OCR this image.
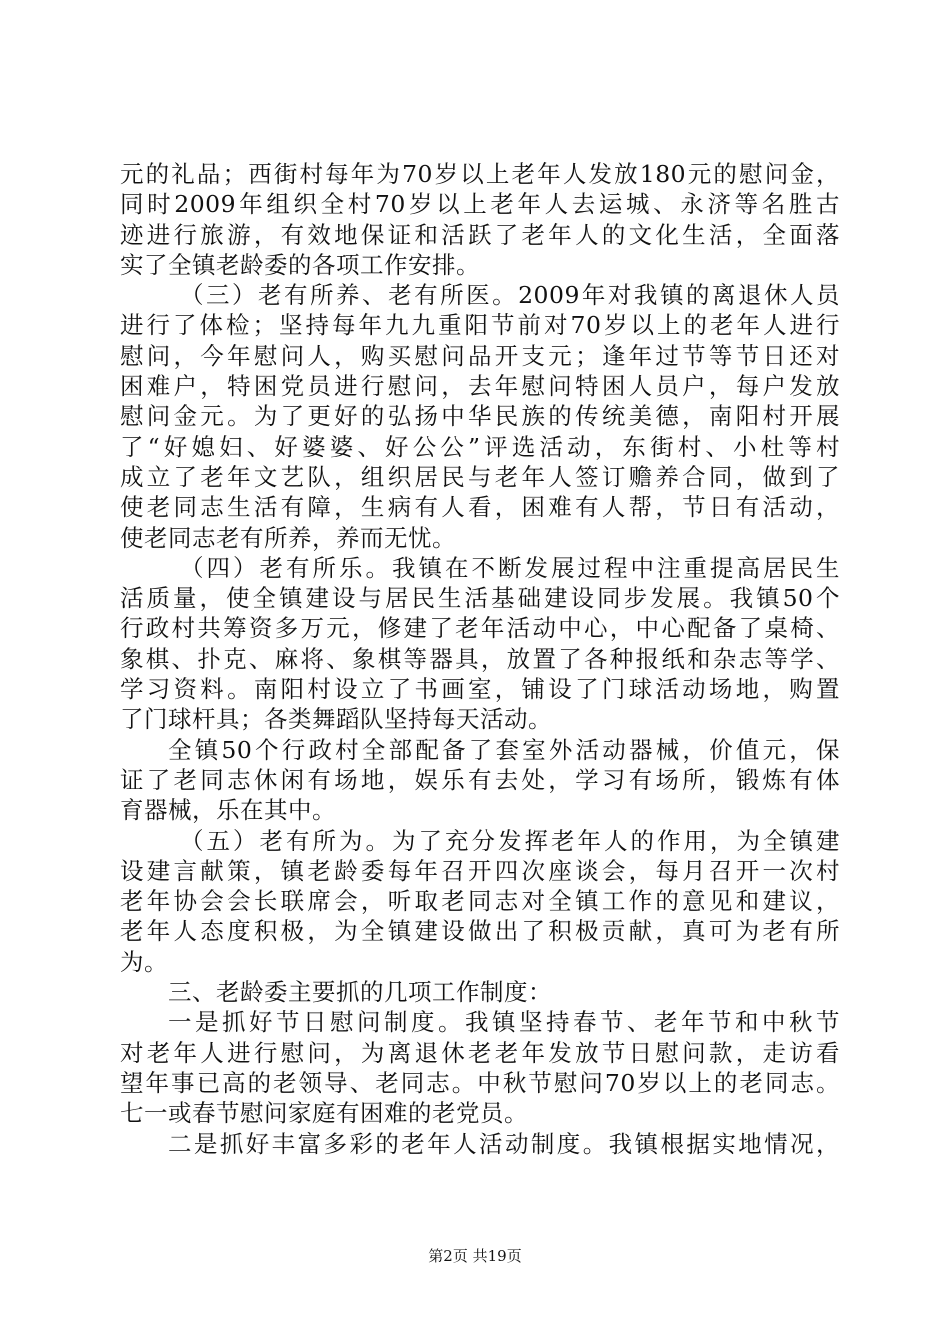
元的礼品；西街村每年为70岁以上老年人发放180元的慰问金，
同时2009年组织全村70岁以上老年人去运城、永济等名胜古
迹进行旅游，有效地保证和活跃了老年人的文化生活，全面落
实了全镇老龄委的各项工作安排。
（三）老有所养、老有所医。2009年对我镇的离退休人员
进行了体检；坚持每年九九重阳节前对70岁以上的老年人进行
慰问，今年慰问人，购买慰问品开支元；逢年过节等节日还对
困难户，特困党员进行慰问，去年慰问特困人员户，每户发放
慰问金元。为了更好的弘扬中华民族的传统美德，南阳村开展
了“好媳妇、好婆婆、好公公”评选活动，东街村、小杜等村
成立了老年文艺队，组织居民与老年人签订赡养合同，做到了
使老同志生活有障，生病有人看，困难有人帮，节日有活动，
使老同志老有所养，养而无忧。
（四）老有所乐。我镇在不断发展过程中注重提高居民生
活质量，使全镇建设与居民生活基础建设同步发展。我镇50个
行政村共筹资多万元，修建了老年活动中心，中心配备了桌椅、
象棋、扑克、麻将、象棋等器具，放置了各种报纸和杂志等学、
学习资料。南阳村设立了书画室，铺设了门球活动场地，购置
了门球杆具；各类舞蹈队坚持每天活动。
全镇50个行政村全部配备了套室外活动器械，价值元，保
证了老同志休闲有场地，娱乐有去处，学习有场所，锻炼有体
育器械，乐在其中。
（五）老有所为。为了充分发挥老年人的作用，为全镇建
设建言献策，镇老龄委每年召开四次座谈会，每月召开一次村
老年协会会长联席会，听取老同志对全镇工作的意见和建议，
老年人态度积极，为全镇建设做出了积极贡献，真可为老有所
为。
三、老龄委主要抓的几项工作制度：
一是抓好节日慰问制度。我镇坚持春节、老年节和中秋节
对老年人进行慰问，为离退休老老年发放节日慰问款，走访看
望年事已高的老领导、老同志。中秋节慰问70岁以上的老同志。
七一或春节慰问家庭有困难的老党员。
二是抓好丰富多彩的老年人活动制度。我镇根据实地情况，
第2页 共19页
